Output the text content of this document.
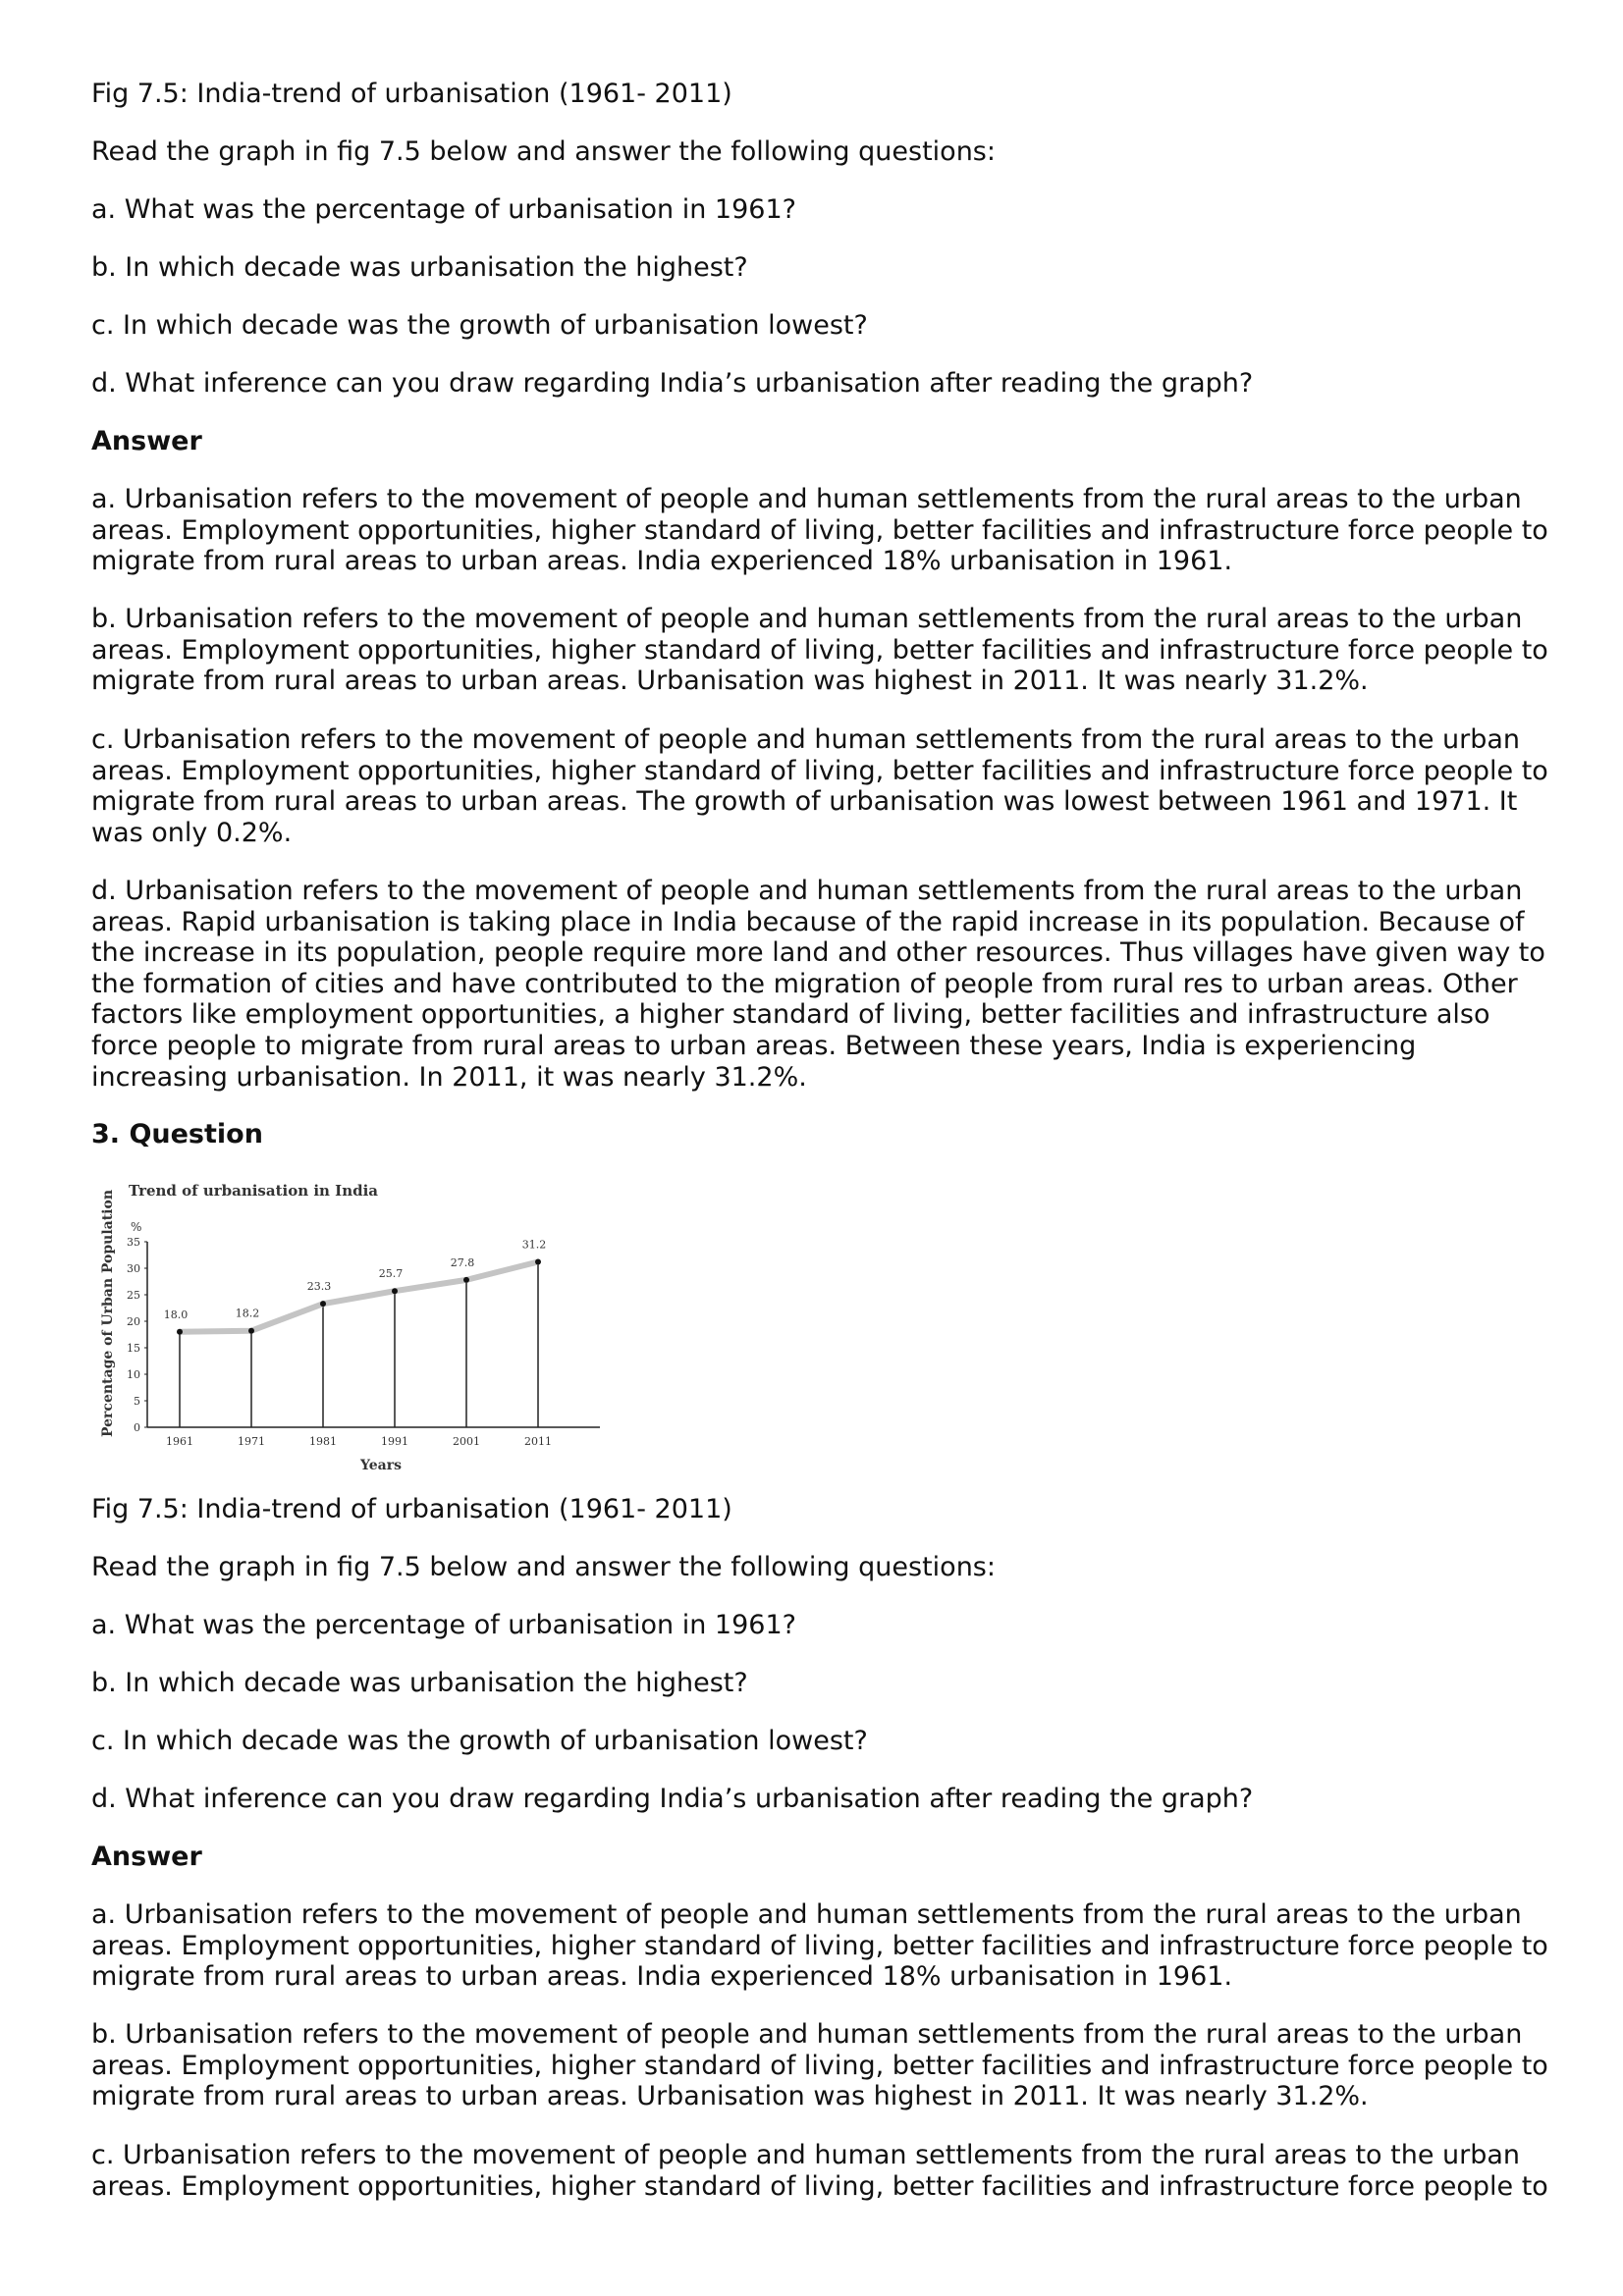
Fig 7.5: India-trend of urbanisation (1961- 2011)

Read the graph in fig 7.5 below and answer the following questions:

a. What was the percentage of urbanisation in 1961?

b. In which decade was urbanisation the highest?

c. In which decade was the growth of urbanisation lowest?

d. What inference can you draw regarding India’s urbanisation after reading the graph?

Answer

a. Urbanisation refers to the movement of people and human settlements from the rural areas to the urban
areas. Employment opportunities, higher standard of living, better facilities and infrastructure force people to
migrate from rural areas to urban areas. India experienced 18% urbanisation in 1961.
b. Urbanisation refers to the movement of people and human settlements from the rural areas to the urban
areas. Employment opportunities, higher standard of living, better facilities and infrastructure force people to
migrate from rural areas to urban areas. Urbanisation was highest in 2011. It was nearly 31.2%.
c. Urbanisation refers to the movement of people and human settlements from the rural areas to the urban
areas. Employment opportunities, higher standard of living, better facilities and infrastructure force people to
migrate from rural areas to urban areas. The growth of urbanisation was lowest between 1961 and 1971. It
was only 0.2%.
d. Urbanisation refers to the movement of people and human settlements from the rural areas to the urban
areas. Rapid urbanisation is taking place in India because of the rapid increase in its population. Because of
the increase in its population, people require more land and other resources. Thus villages have given way to
the formation of cities and have contributed to the migration of people from rural res to urban areas. Other
factors like employment opportunities, a higher standard of living, better facilities and infrastructure also
force people to migrate from rural areas to urban areas. Between these years, India is experiencing
increasing urbanisation. In 2011, it was nearly 31.2%.

3. Question

Trend of urbanisation in India
Percentage of Urban Population %
Years
0
5
10
15
20
25
30
35
1961	1971	1981	1991	2001	2011
18.0	18.2
23.3
25.7
27.8
31.2

Fig 7.5: India-trend of urbanisation (1961- 2011)

Read the graph in fig 7.5 below and answer the following questions:

a. What was the percentage of urbanisation in 1961?

b. In which decade was urbanisation the highest?

c. In which decade was the growth of urbanisation lowest?

d. What inference can you draw regarding India’s urbanisation after reading the graph?

Answer

a. Urbanisation refers to the movement of people and human settlements from the rural areas to the urban
areas. Employment opportunities, higher standard of living, better facilities and infrastructure force people to
migrate from rural areas to urban areas. India experienced 18% urbanisation in 1961.
b. Urbanisation refers to the movement of people and human settlements from the rural areas to the urban
areas. Employment opportunities, higher standard of living, better facilities and infrastructure force people to
migrate from rural areas to urban areas. Urbanisation was highest in 2011. It was nearly 31.2%.
c. Urbanisation refers to the movement of people and human settlements from the rural areas to the urban
areas. Employment opportunities, higher standard of living, better facilities and infrastructure force people to
